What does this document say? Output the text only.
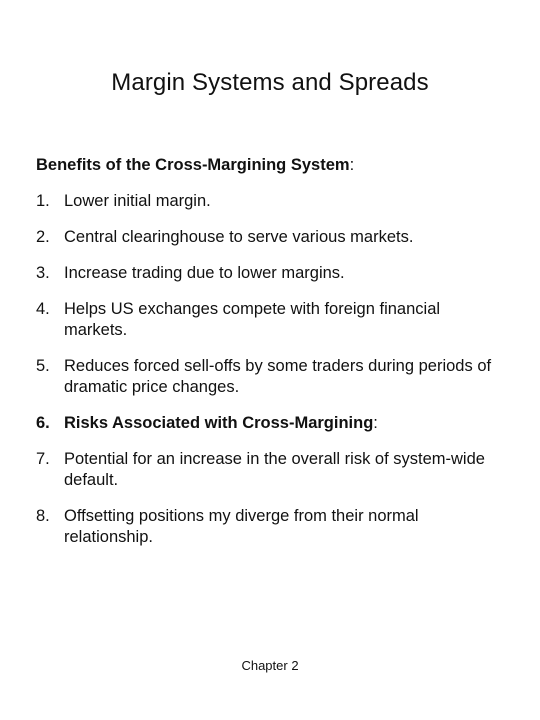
Margin Systems and Spreads

Benefits of the Cross-Margining System:

1. Lower initial margin.
2. Central clearinghouse to serve various markets.
3. Increase trading due to lower margins.
4. Helps US exchanges compete with foreign financial markets.
5. Reduces forced sell-offs by some traders during periods of dramatic price changes.
6. Risks Associated with Cross-Margining:
7. Potential for an increase in the overall risk of system-wide default.
8. Offsetting positions my diverge from their normal relationship.
Chapter 2
